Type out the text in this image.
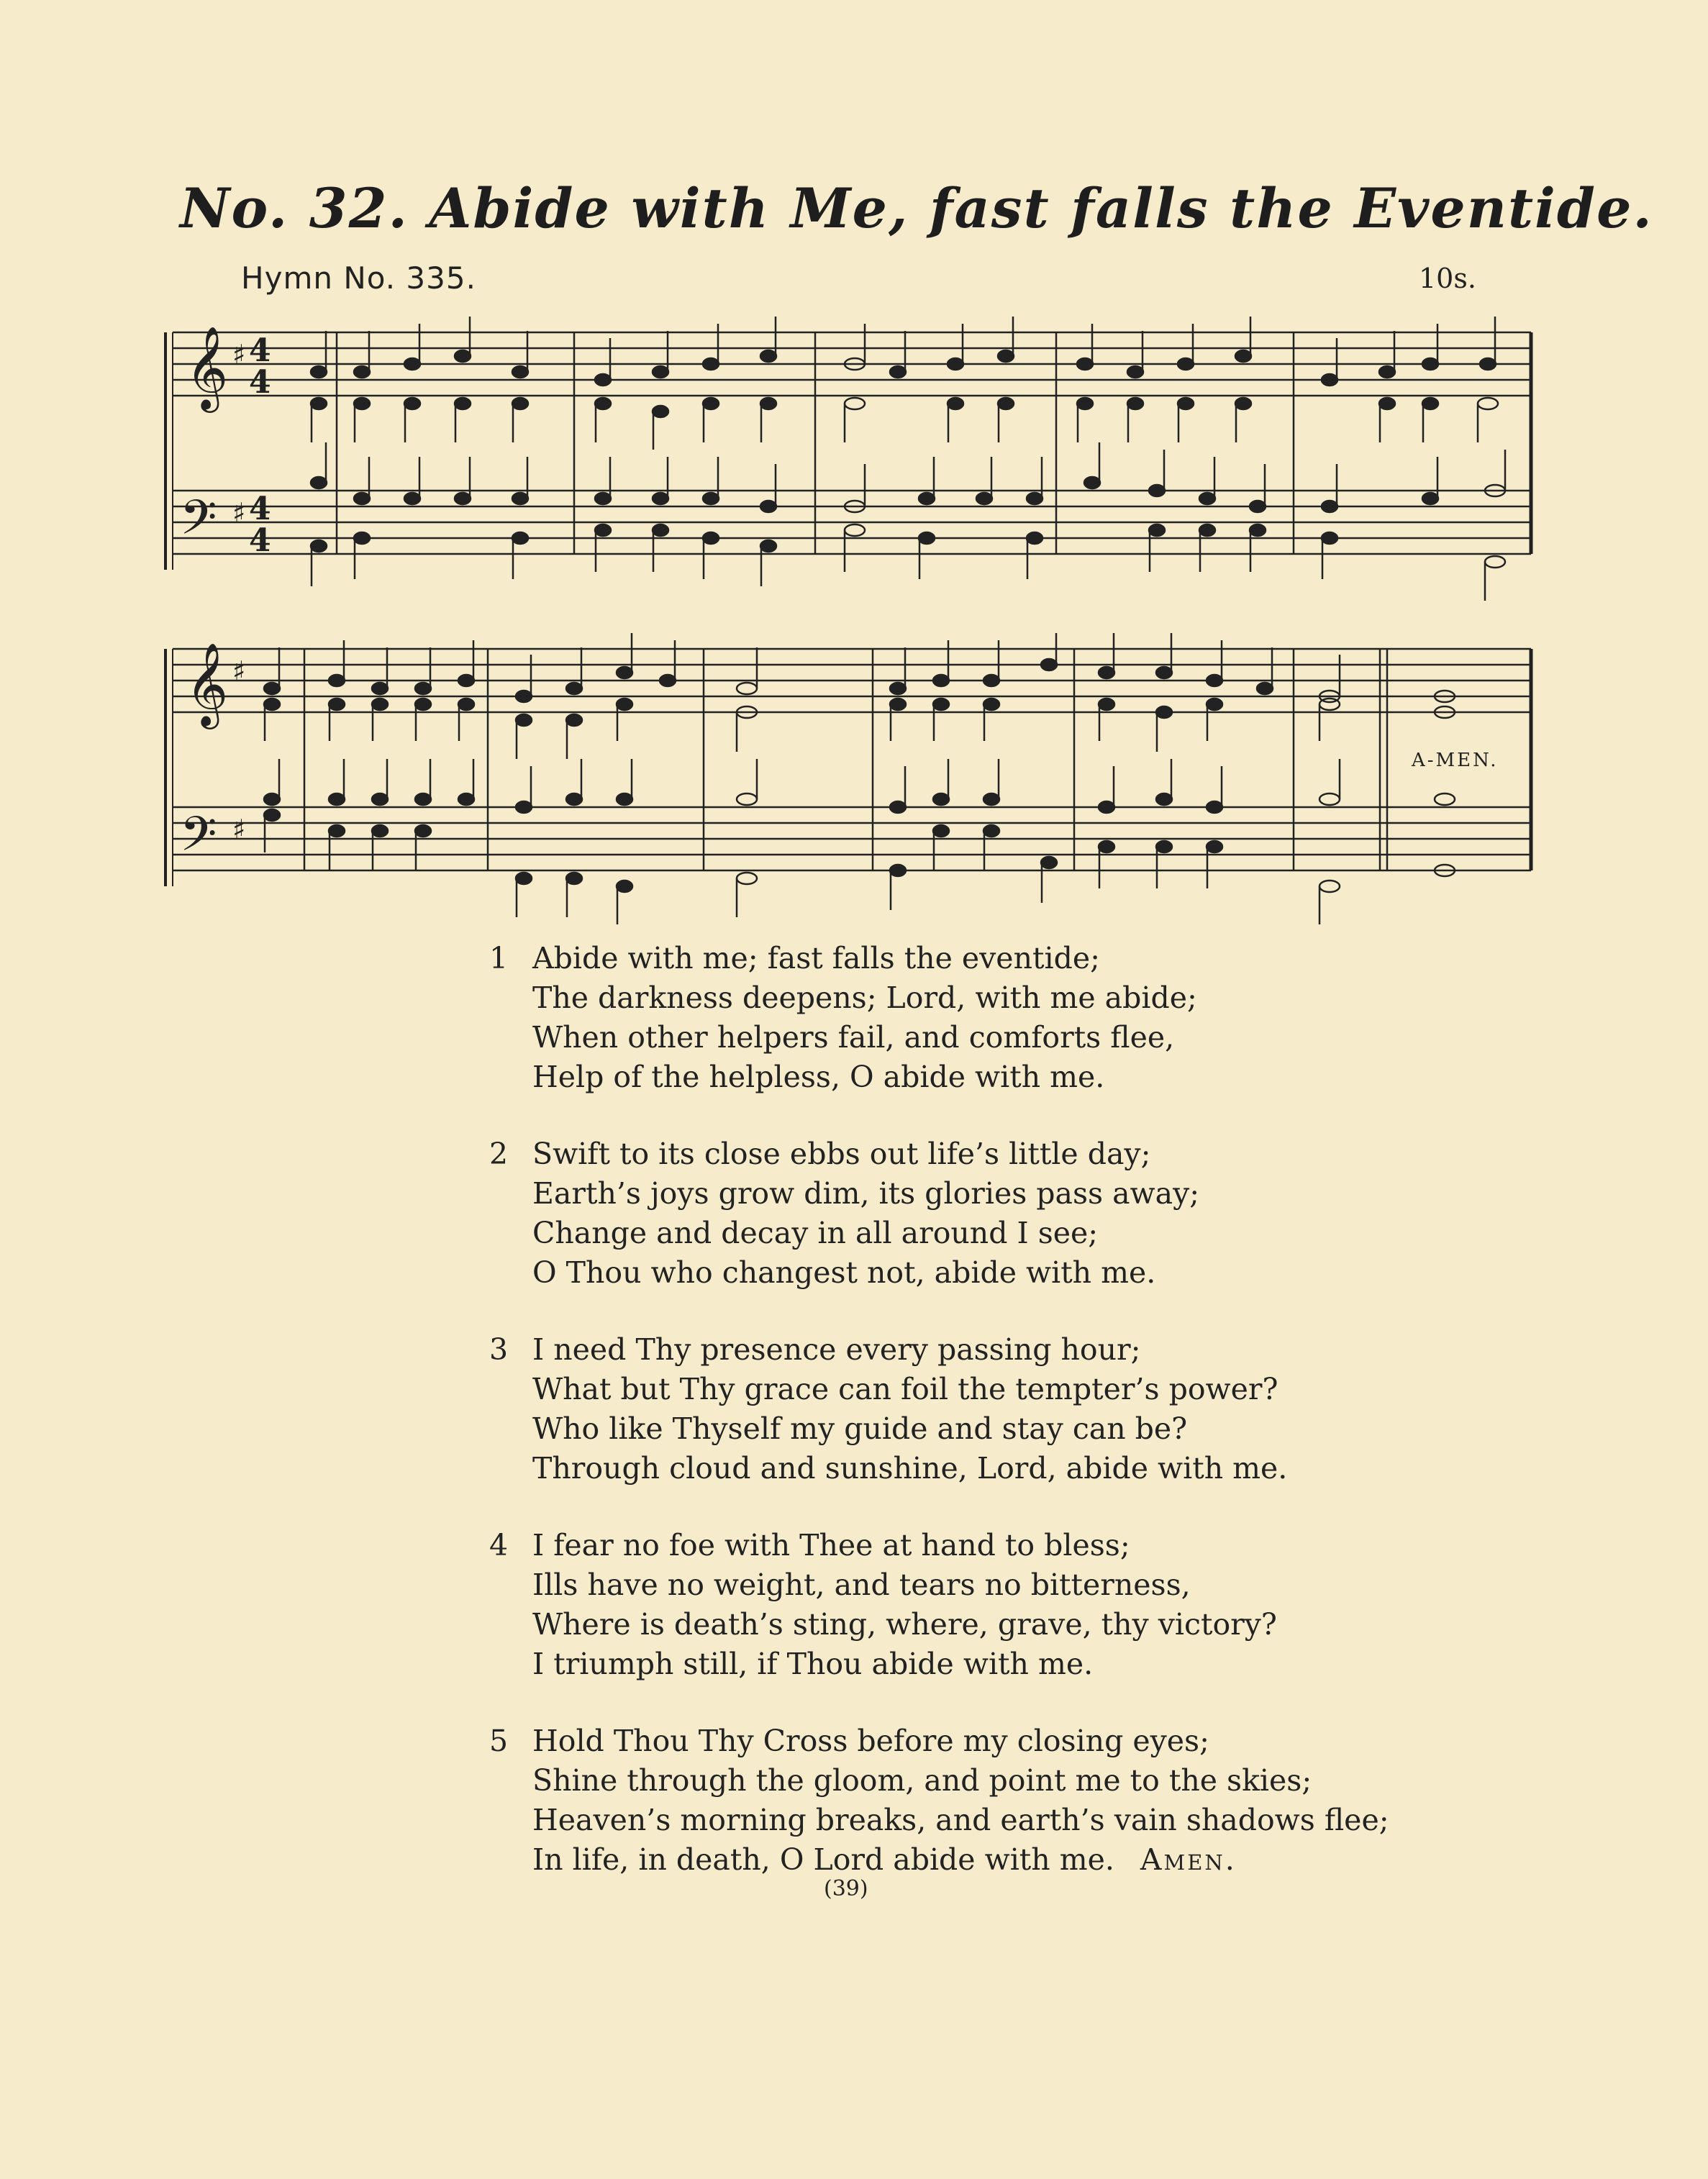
No. 32. Abide with Me, fast falls the Eventide.
Hymn No. 335.	10s.
𝄞
𝄢
♯
♯
4
4
4
4
𝄞
𝄢
♯
♯
A-MEN.
1 Abide with me; fast falls the eventide;
The darkness deepens; Lord, with me abide;
When other helpers fail, and comforts flee,
Help of the helpless, O abide with me.
2 Swift to its close ebbs out life’s little day;
Earth’s joys grow dim, its glories pass away;
Change and decay in all around I see;
O Thou who changest not, abide with me.
3 I need Thy presence every passing hour;
What but Thy grace can foil the tempter’s power?
Who like Thyself my guide and stay can be?
Through cloud and sunshine, Lord, abide with me.
4 I fear no foe with Thee at hand to bless;
Ills have no weight, and tears no bitterness,
Where is death’s sting, where, grave, thy victory?
I triumph still, if Thou abide with me.
5 Hold Thou Thy Cross before my closing eyes;
Shine through the gloom, and point me to the skies;
Heaven’s morning breaks, and earth’s vain shadows flee;
In life, in death, O Lord abide with me. Amen.
(39)
